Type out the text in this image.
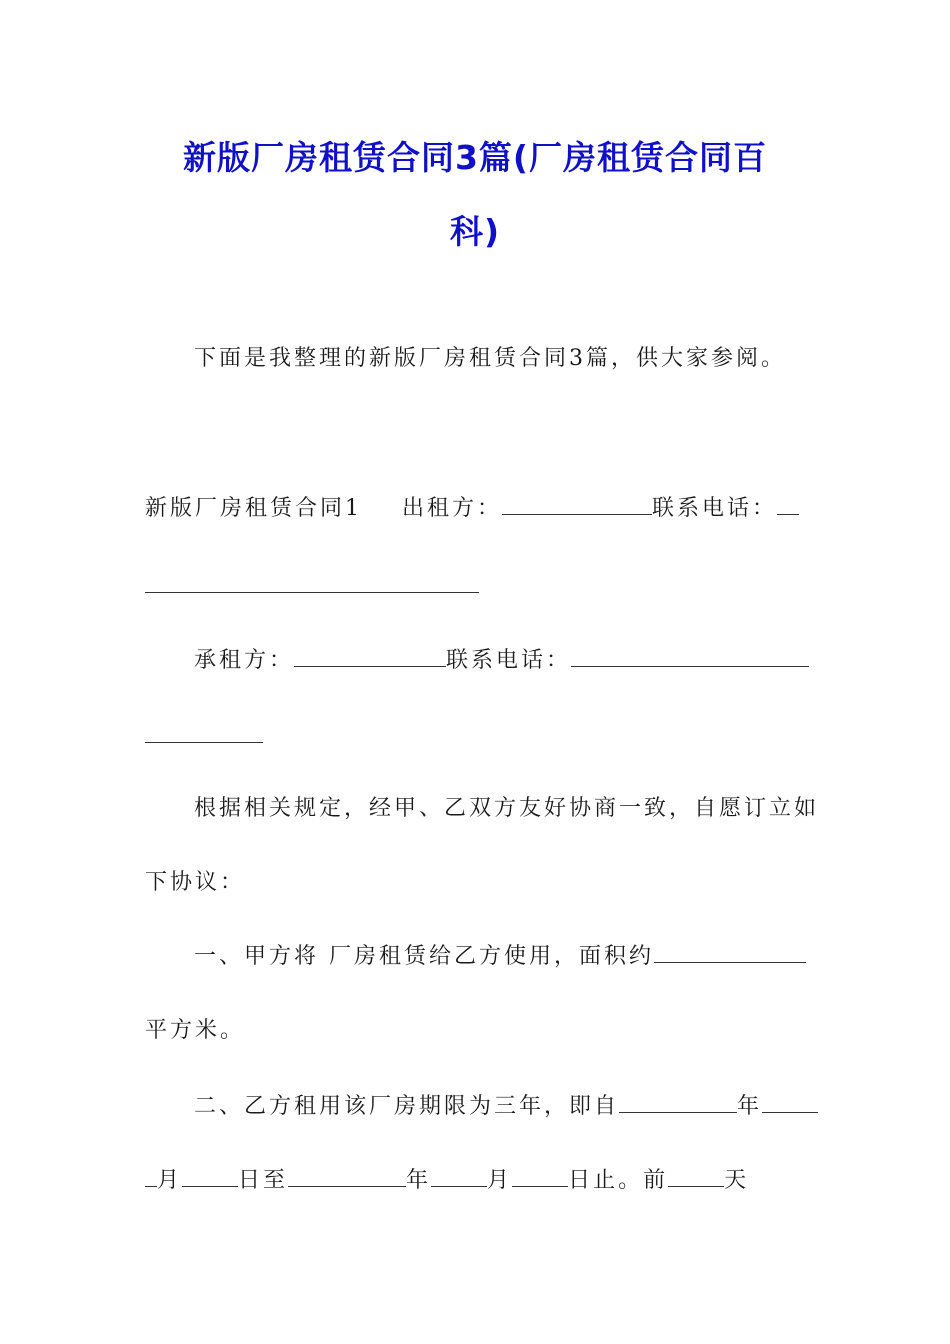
新版厂房租赁合同3篇(厂房租赁合同百
科)
下面是我整理的新版厂房租赁合同3篇，供大家参阅。
新版厂房租赁合同1 出租方：	联系电话：
承租方：	联系电话：
根据相关规定，经甲、乙双方友好协商一致，自愿订立如
下协议：
一、甲方将 厂房租赁给乙方使用，面积约
平方米。
二、乙方租用该厂房期限为三年，即自	年
月	日至	年	月	日止。前	天
